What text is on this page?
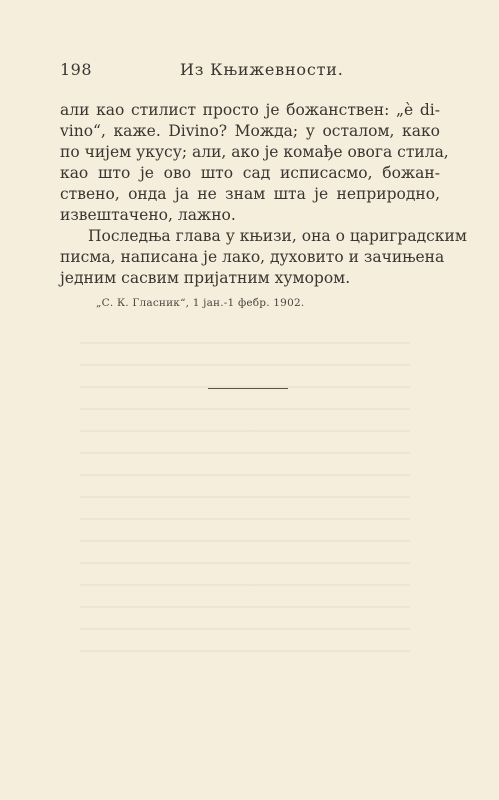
198	Из Књижевности.
али као стилист просто је божанствен: „è di-
vino“, каже. Divino? Можда; у осталом, како
по чијем укусу; али, ако је комађе овога стила,
као што је ово што сад исписасмо, божан-
ствено, онда ја не знам шта је неприродно,
извештачено, лажно.
Последња глава у књизи, она о цариградским
писма, написана је лако, духовито и зачињена
једним сасвим пријатним хумором.
„С. К. Гласник“, 1 јан.-1 фебр. 1902.
